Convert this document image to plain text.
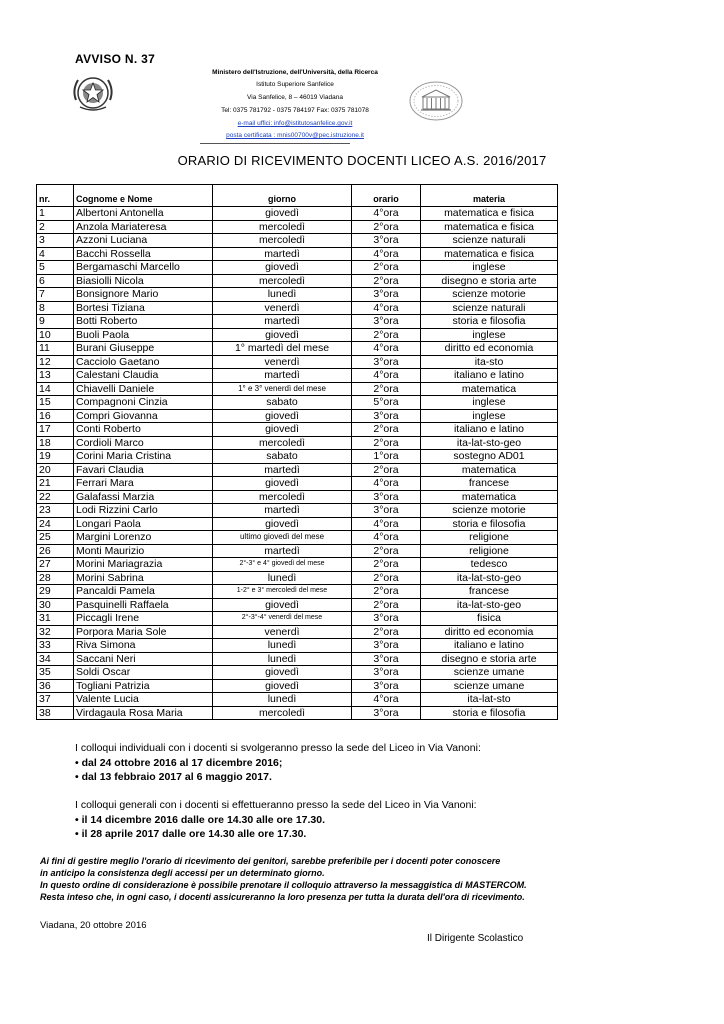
AVVISO N. 37
Ministero dell'Istruzione, dell'Università, della Ricerca
Istituto Superiore Sanfelice
Via Sanfelice, 8 – 46019 Viadana
Tel: 0375 781792 - 0375 784197 Fax: 0375 781078
e-mail uffici: info@istitutosanfelice.gov.it
posta certificata : mnis00700v@pec.istruzione.it
ORARIO DI RICEVIMENTO DOCENTI LICEO A.S. 2016/2017
nr.	Cognome e Nome	giorno	orario	materia
1	Albertoni Antonella	giovedì	4°ora	matematica e fisica
2	Anzola Mariateresa	mercoledì	2°ora	matematica e fisica
3	Azzoni Luciana	mercoledì	3°ora	scienze naturali
4	Bacchi Rossella	martedì	4°ora	matematica e fisica
5	Bergamaschi Marcello	giovedì	2°ora	inglese
6	Biasiolli Nicola	mercoledì	2°ora	disegno e storia arte
7	Bonsignore Mario	lunedì	3°ora	scienze motorie
8	Bortesi Tiziana	venerdì	4°ora	scienze naturali
9	Botti Roberto	martedì	3°ora	storia e filosofia
10	Buoli Paola	giovedì	2°ora	inglese
11	Burani Giuseppe	1° martedì del mese	4°ora	diritto ed economia
12	Cacciolo Gaetano	venerdì	3°ora	ita-sto
13	Calestani Claudia	martedì	4°ora	italiano e latino
14	Chiavelli Daniele	1° e 3° venerdì del mese	2°ora	matematica
15	Compagnoni Cinzia	sabato	5°ora	inglese
16	Compri Giovanna	giovedì	3°ora	inglese
17	Conti Roberto	giovedì	2°ora	italiano e latino
18	Cordioli Marco	mercoledì	2°ora	ita-lat-sto-geo
19	Corini Maria Cristina	sabato	1°ora	sostegno AD01
20	Favari Claudia	martedì	2°ora	matematica
21	Ferrari Mara	giovedì	4°ora	francese
22	Galafassi Marzia	mercoledì	3°ora	matematica
23	Lodi Rizzini Carlo	martedì	3°ora	scienze motorie
24	Longari Paola	giovedì	4°ora	storia e filosofia
25	Margini Lorenzo	ultimo giovedì del mese	4°ora	religione
26	Monti Maurizio	martedì	2°ora	religione
27	Morini Mariagrazia	2°-3° e 4° giovedì del mese	2°ora	tedesco
28	Morini Sabrina	lunedì	2°ora	ita-lat-sto-geo
29	Pancaldi Pamela	1-2° e 3° mercoledì del mese	2°ora	francese
30	Pasquinelli Raffaela	giovedì	2°ora	ita-lat-sto-geo
31	Piccagli Irene	2°-3°-4° venerdì del mese	3°ora	fisica
32	Porpora Maria Sole	venerdì	2°ora	diritto ed economia
33	Riva Simona	lunedì	3°ora	italiano e latino
34	Saccani Neri	lunedì	3°ora	disegno e storia arte
35	Soldi Oscar	giovedì	3°ora	scienze umane
36	Togliani Patrizia	giovedì	3°ora	scienze umane
37	Valente Lucia	lunedì	4°ora	ita-lat-sto
38	Virdagaula Rosa Maria	mercoledì	3°ora	storia e filosofia
I colloqui individuali con i docenti si svolgeranno presso la sede del Liceo in Via Vanoni:
• dal 24 ottobre 2016 al 17 dicembre 2016;
• dal 13 febbraio 2017 al 6 maggio 2017.
I colloqui generali con i docenti si effettueranno presso la sede del Liceo in Via Vanoni:
• il 14 dicembre 2016 dalle ore 14.30 alle ore 17.30.
• il 28 aprile 2017 dalle ore 14.30 alle ore 17.30.
Ai fini di gestire meglio l'orario di ricevimento dei genitori, sarebbe preferibile per i docenti poter conoscere
in anticipo la consistenza degli accessi per un determinato giorno.
In questo ordine di considerazione è possibile prenotare il colloquio attraverso la messaggistica di MASTERCOM.
Resta inteso che, in ogni caso, i docenti assicureranno la loro presenza per tutta la durata dell'ora di ricevimento.
Viadana, 20 ottobre 2016
Il Dirigente Scolastico
